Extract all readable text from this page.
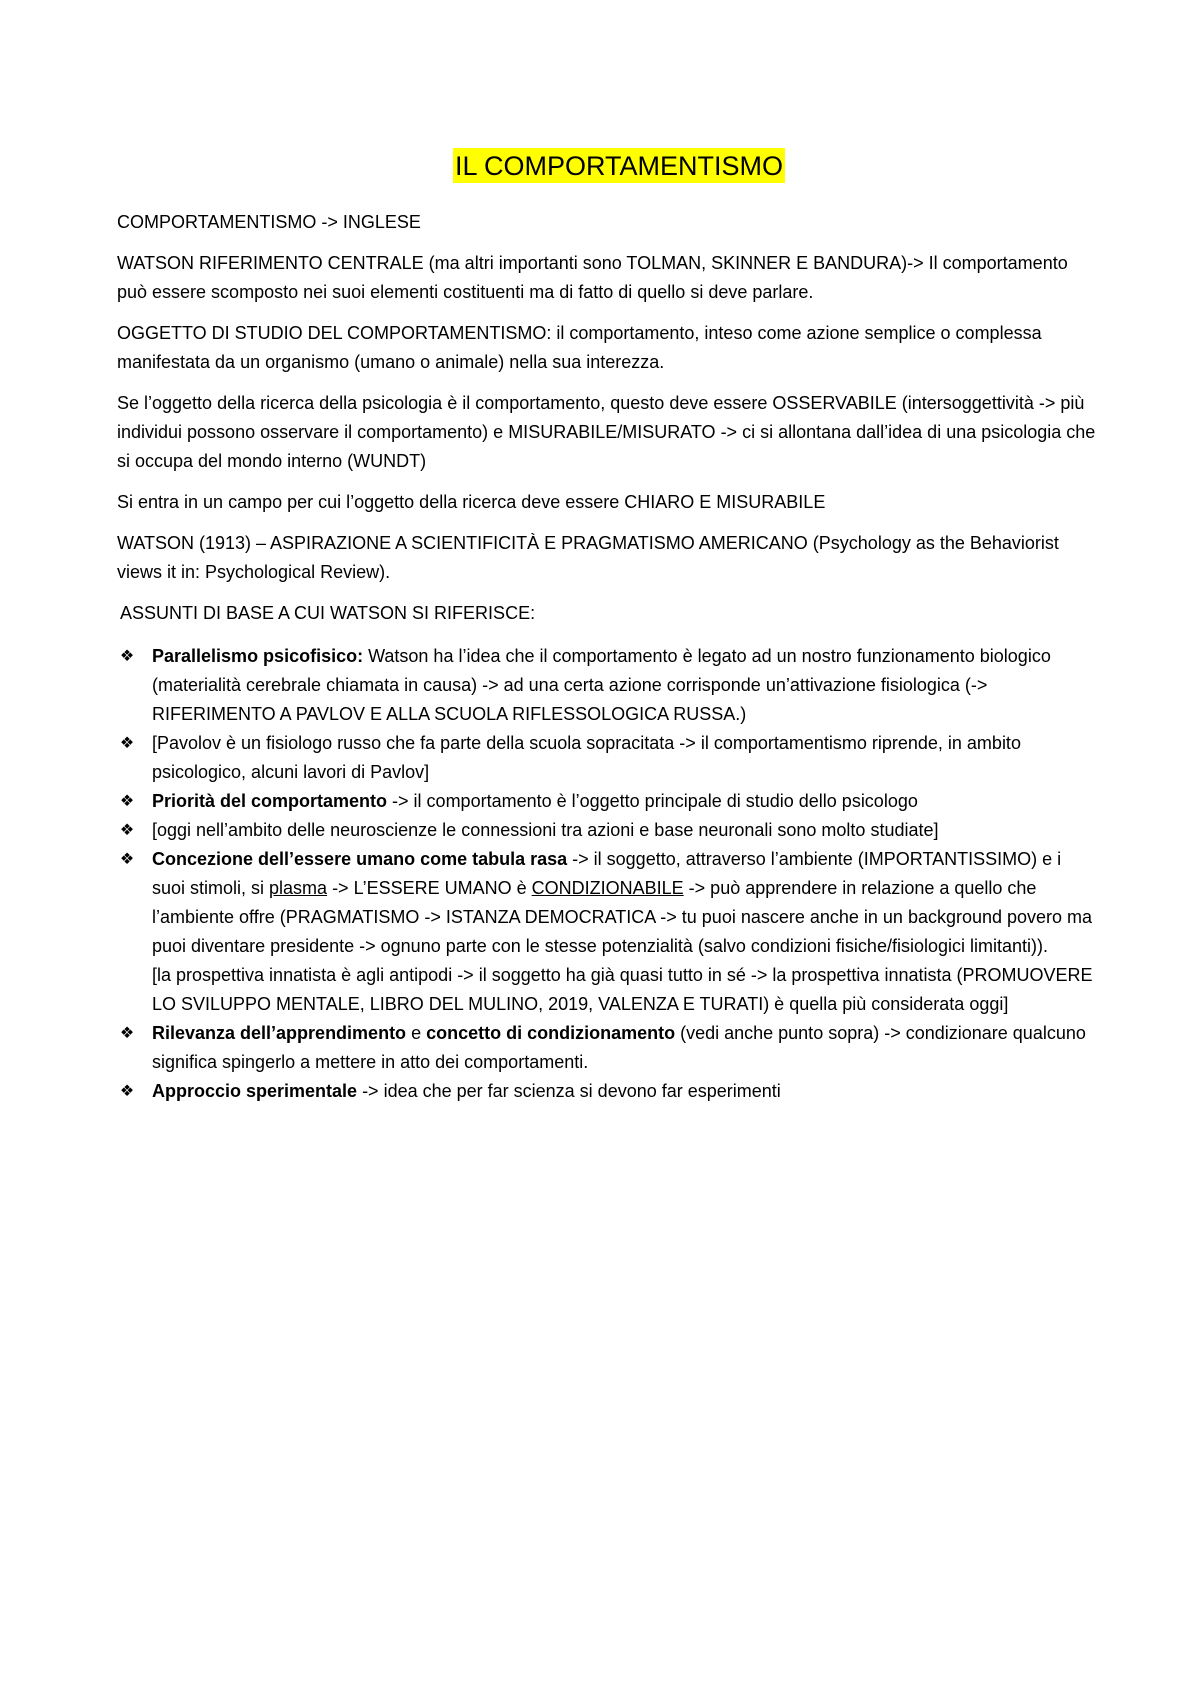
IL COMPORTAMENTISMO

COMPORTAMENTISMO -> INGLESE

WATSON RIFERIMENTO CENTRALE (ma altri importanti sono TOLMAN, SKINNER E BANDURA)-> Il comportamento può essere scomposto nei suoi elementi costituenti ma di fatto di quello si deve parlare.

OGGETTO DI STUDIO DEL COMPORTAMENTISMO: il comportamento, inteso come azione semplice o complessa manifestata da un organismo (umano o animale) nella sua interezza.

Se l’oggetto della ricerca della psicologia è il comportamento, questo deve essere OSSERVABILE (intersoggettività -> più individui possono osservare il comportamento) e MISURABILE/MISURATO -> ci si allontana dall’idea di una psicologia che si occupa del mondo interno (WUNDT)

Si entra in un campo per cui l’oggetto della ricerca deve essere CHIARO E MISURABILE

WATSON (1913) – ASPIRAZIONE A SCIENTIFICITÀ E PRAGMATISMO AMERICANO (Psychology as the Behaviorist views it in: Psychological Review).

ASSUNTI DI BASE A CUI WATSON SI RIFERISCE:

❖ Parallelismo psicofisico: Watson ha l’idea che il comportamento è legato ad un nostro funzionamento biologico (materialità cerebrale chiamata in causa) -> ad una certa azione corrisponde un’attivazione fisiologica (-> RIFERIMENTO A PAVLOV E ALLA SCUOLA RIFLESSOLOGICA RUSSA.)
❖ [Pavolov è un fisiologo russo che fa parte della scuola sopracitata -> il comportamentismo riprende, in ambito psicologico, alcuni lavori di Pavlov]
❖ Priorità del comportamento -> il comportamento è l’oggetto principale di studio dello psicologo
❖ [oggi nell’ambito delle neuroscienze le connessioni tra azioni e base neuronali sono molto studiate]
❖ Concezione dell’essere umano come tabula rasa -> il soggetto, attraverso l’ambiente (IMPORTANTISSIMO) e i suoi stimoli, si plasma -> L’ESSERE UMANO è CONDIZIONABILE -> può apprendere in relazione a quello che l’ambiente offre (PRAGMATISMO -> ISTANZA DEMOCRATICA -> tu puoi nascere anche in un background povero ma puoi diventare presidente -> ognuno parte con le stesse potenzialità (salvo condizioni fisiche/fisiologici limitanti)).
[la prospettiva innatista è agli antipodi -> il soggetto ha già quasi tutto in sé -> la prospettiva innatista (PROMUOVERE LO SVILUPPO MENTALE, LIBRO DEL MULINO, 2019, VALENZA E TURATI) è quella più considerata oggi]
❖ Rilevanza dell’apprendimento e concetto di condizionamento (vedi anche punto sopra) -> condizionare qualcuno significa spingerlo a mettere in atto dei comportamenti.
❖ Approccio sperimentale -> idea che per far scienza si devono far esperimenti
